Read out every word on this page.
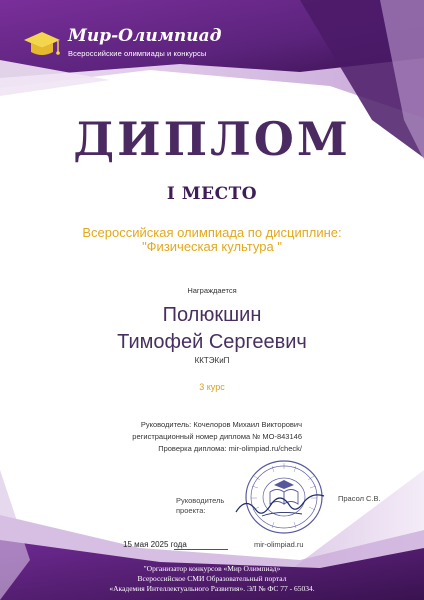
Мир-Олимпиад
Всероссийские олимпиады и конкурсы
ДИПЛОМ
I МЕСТО
Всероссийская олимпиада по дисциплине:
"Физическая культура "
Награждается
Полюкшин
Тимофей Сергеевич
ККТЭКиП
3 курс
Руководитель: Кочелоров Михаил Викторович
регистрационный номер диплома № МО-843146
Проверка диплома: mir-olimpiad.ru/check/
Руководитель
проекта:
Прасол С.В.
15 мая 2025 года	mir-olimpiad.ru
"Организатор конкурсов «Мир Олимпиад»
Всероссийское СМИ Образовательный портал
«Академия Интеллектуального Развития». ЭЛ № ФС 77 - 65034.
